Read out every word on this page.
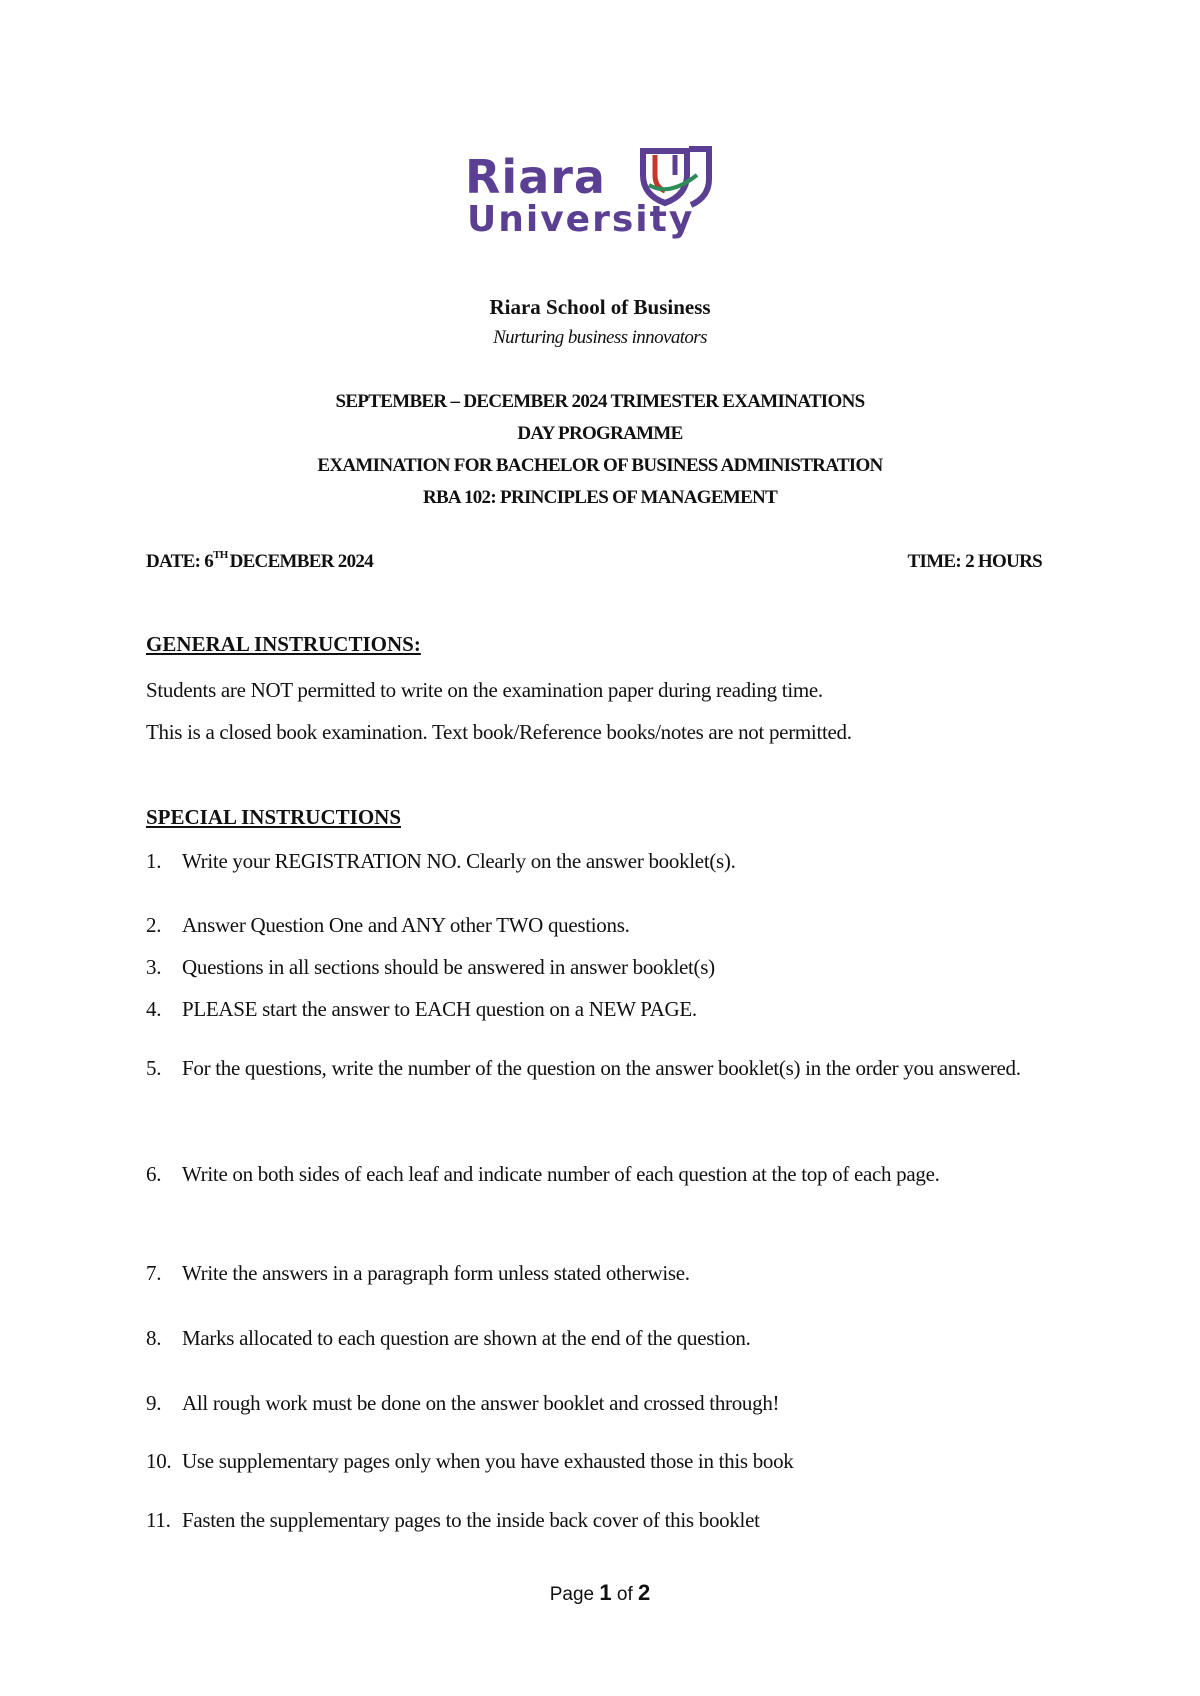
Riara
University
Riara School of Business
Nurturing business innovators
SEPTEMBER – DECEMBER 2024 TRIMESTER EXAMINATIONS
DAY PROGRAMME
EXAMINATION FOR BACHELOR OF BUSINESS ADMINISTRATION
RBA 102: PRINCIPLES OF MANAGEMENT
DATE: 6TH DECEMBER 2024	TIME: 2 HOURS
GENERAL INSTRUCTIONS:
Students are NOT permitted to write on the examination paper during reading time.
This is a closed book examination. Text book/Reference books/notes are not permitted.
SPECIAL INSTRUCTIONS
1. Write your REGISTRATION NO. Clearly on the answer booklet(s).
2. Answer Question One and ANY other TWO questions.
3. Questions in all sections should be answered in answer booklet(s)
4. PLEASE start the answer to EACH question on a NEW PAGE.
5. For the questions, write the number of the question on the answer booklet(s) in the order you answered.
6. Write on both sides of each leaf and indicate number of each question at the top of each page.
7. Write the answers in a paragraph form unless stated otherwise.
8. Marks allocated to each question are shown at the end of the question.
9. All rough work must be done on the answer booklet and crossed through!
10. Use supplementary pages only when you have exhausted those in this book
11. Fasten the supplementary pages to the inside back cover of this booklet
Page 1 of 2
